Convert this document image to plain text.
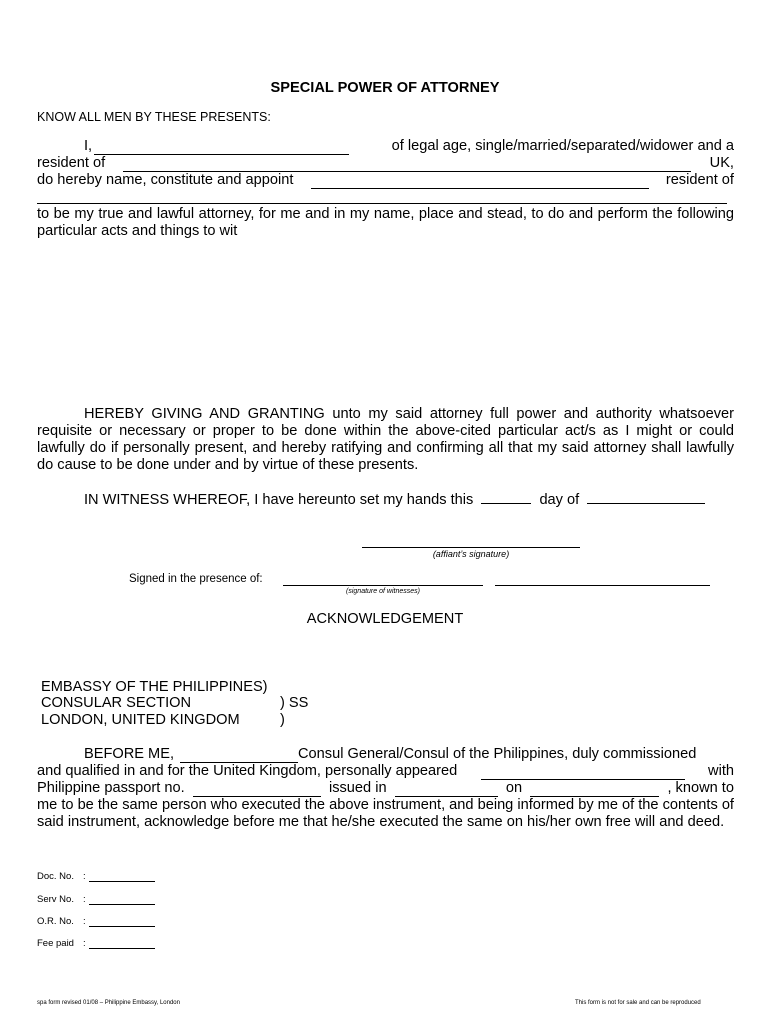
SPECIAL POWER OF ATTORNEY
KNOW ALL MEN BY THESE PRESENTS:
I,	of legal age, single/married/separated/widower and a
resident of	UK,
do hereby name, constitute and appoint	resident of
to be my true and lawful attorney, for me and in my name, place and stead, to do and perform the following particular acts and things to wit
HEREBY GIVING AND GRANTING unto my said attorney full power and authority whatsoever requisite or necessary or proper to be done within the above-cited particular act/s as I might or could lawfully do if personally present, and hereby ratifying and confirming all that my said attorney shall lawfully do cause to be done under and by virtue of these presents.
IN WITNESS WHEREOF, I have hereunto set my hands this	day of
(affiant’s signature)
Signed in the presence of:
(signature of witnesses)
ACKNOWLEDGEMENT
EMBASSY OF THE PHILIPPINES)
CONSULAR SECTION	) SS
LONDON, UNITED KINGDOM	)
BEFORE ME,	Consul General/Consul of the Philippines, duly commissioned
and qualified in and for the United Kingdom, personally appeared	with
Philippine passport no.	issued in	on	, known to
me to be the same person who executed the above instrument, and being informed by me of the contents of said instrument, acknowledge before me that he/she executed the same on his/her own free will and deed.
Doc. No. :
Serv No. :
O.R. No. :
Fee paid :
spa form revised 01/08 – Philippine Embassy, London	This form is not for sale and can be reproduced
